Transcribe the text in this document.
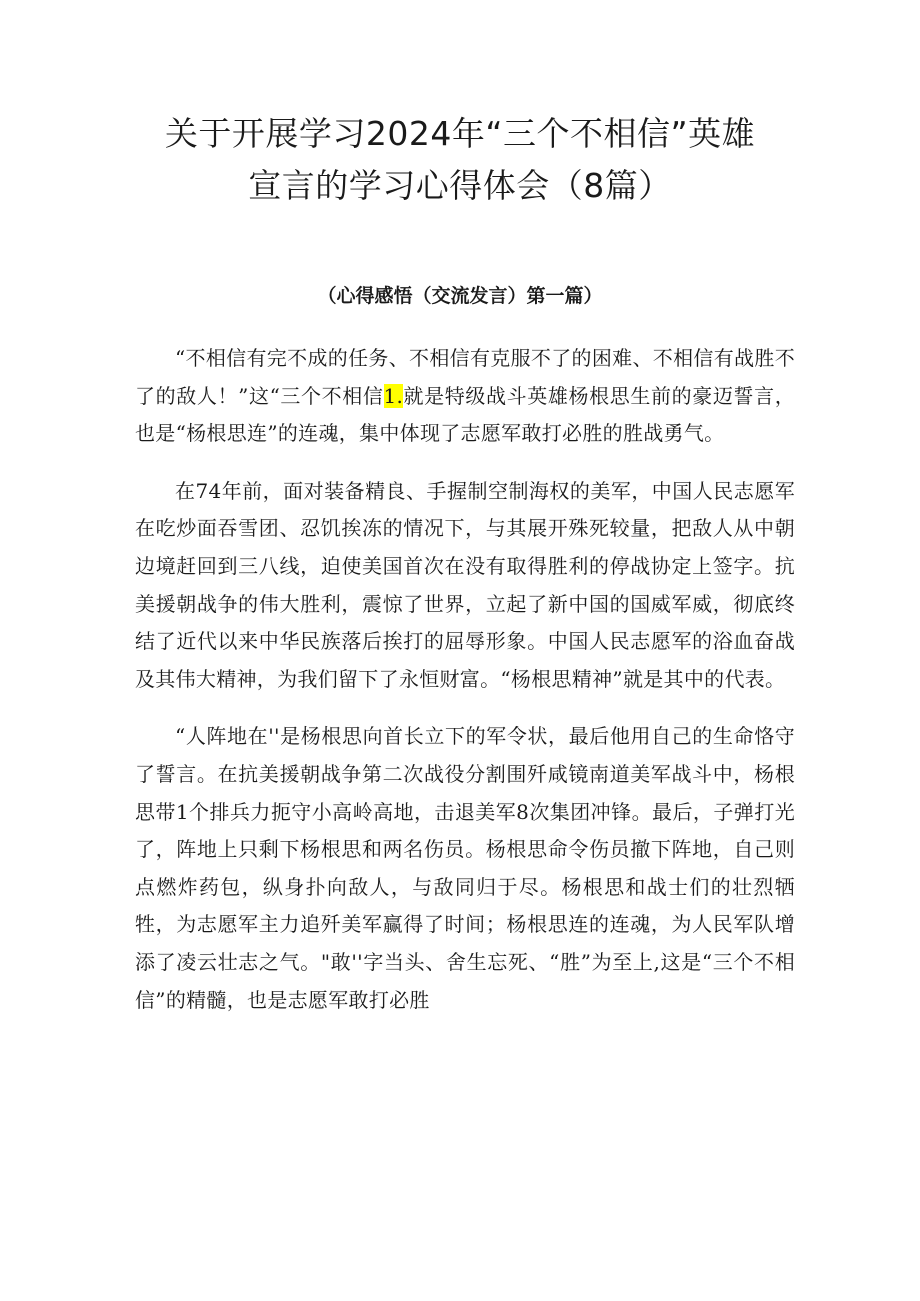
关于开展学习2024年“三个不相信”英雄
宣言的学习心得体会（8篇）
（心得感悟（交流发言）第一篇）

“不相信有完不成的任务、不相信有克服不了的困难、不相信有战胜不了的敌人！”这“三个不相信1.就是特级战斗英雄杨根思生前的豪迈誓言，也是“杨根思连”的连魂，集中体现了志愿军敢打必胜的胜战勇气。

在74年前，面对装备精良、手握制空制海权的美军，中国人民志愿军在吃炒面吞雪团、忍饥挨冻的情况下，与其展开殊死较量，把敌人从中朝边境赶回到三八线，迫使美国首次在没有取得胜利的停战协定上签字。抗美援朝战争的伟大胜利，震惊了世界，立起了新中国的国威军威，彻底终结了近代以来中华民族落后挨打的屈辱形象。中国人民志愿军的浴血奋战及其伟大精神，为我们留下了永恒财富。“杨根思精神”就是其中的代表。

“人阵地在''是杨根思向首长立下的军令状，最后他用自己的生命恪守了誓言。在抗美援朝战争第二次战役分割围歼咸镜南道美军战斗中，杨根思带1个排兵力扼守小高岭高地，击退美军8次集团冲锋。最后，子弹打光了，阵地上只剩下杨根思和两名伤员。杨根思命令伤员撤下阵地，自己则点燃炸药包，纵身扑向敌人，与敌同归于尽。杨根思和战士们的壮烈牺牲，为志愿军主力追歼美军赢得了时间；杨根思连的连魂，为人民军队增添了凌云壮志之气。"敢''字当头、舍生忘死、“胜”为至上,这是“三个不相信”的精髓，也是志愿军敢打必胜
